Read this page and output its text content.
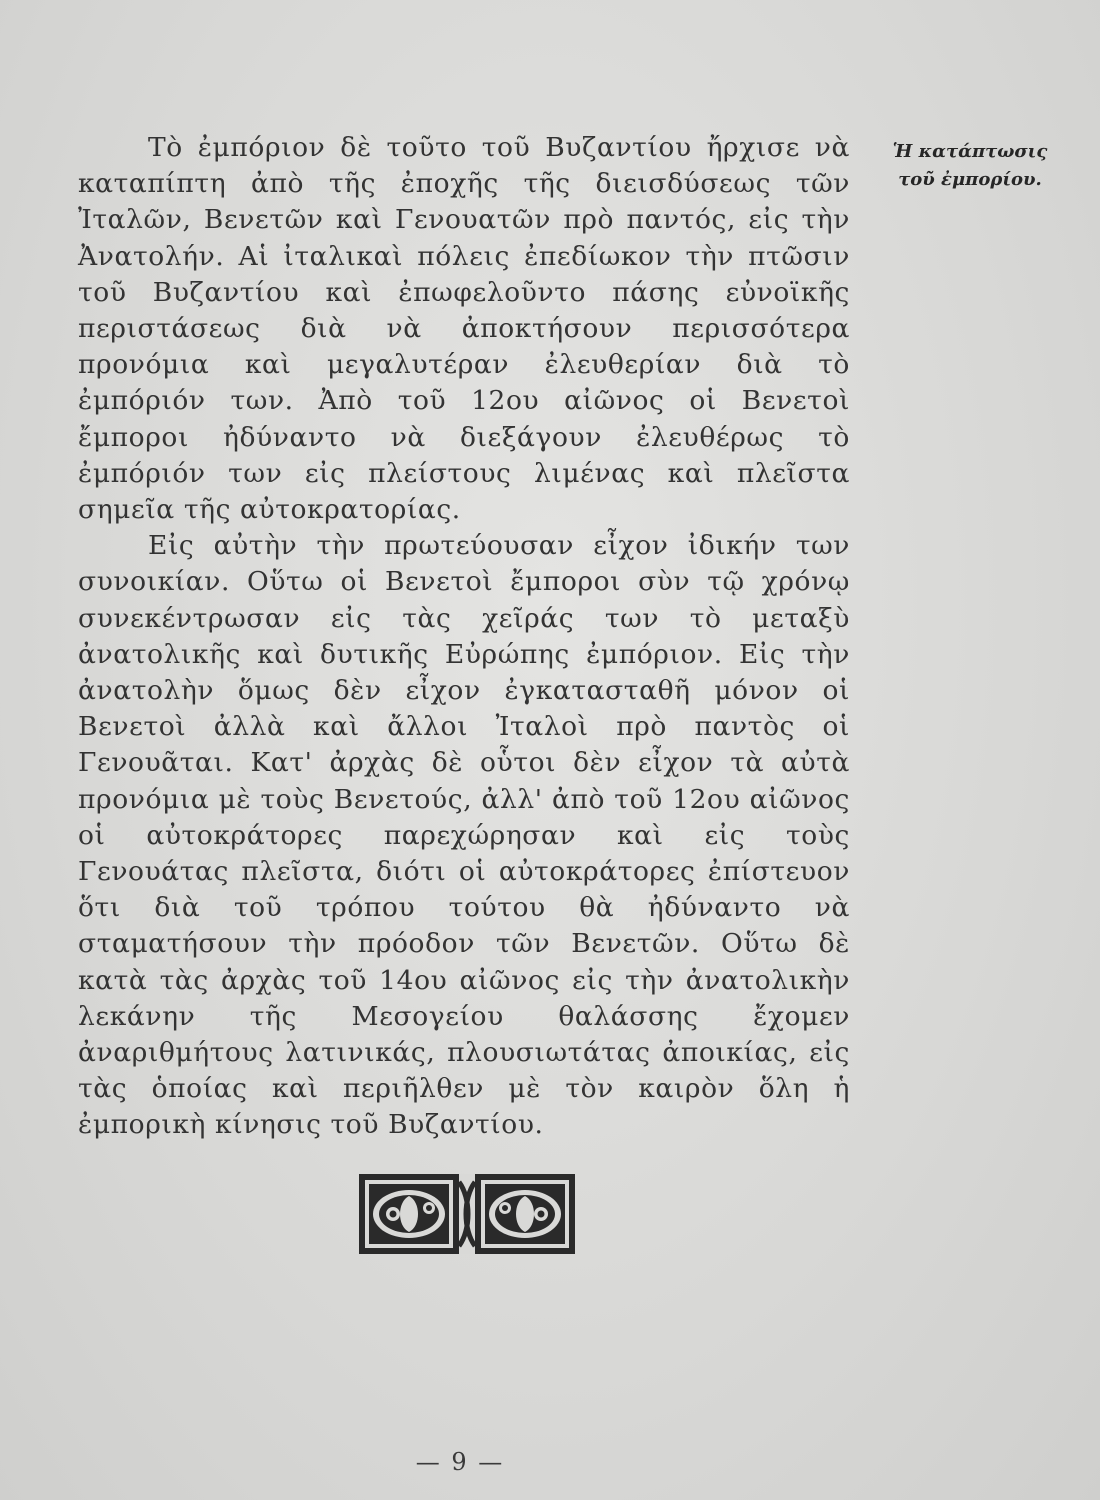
Τὸ ἐμπόριον δὲ τοῦτο τοῦ Βυζαντίου ἤρχισε νὰ καταπίπτη ἀπὸ τῆς ἐποχῆς τῆς διεισδύσεως τῶν Ἰταλῶν, Βενετῶν καὶ Γενουατῶν πρὸ παντός, εἰς τὴν Ἀνατολήν. Αἱ ἰταλικαὶ πόλεις ἐπεδίωκον τὴν πτῶσιν τοῦ Βυζαντίου καὶ ἐπωφελοῦντο πάσης εὐνοϊκῆς περιστάσεως διὰ νὰ ἀποκτήσουν περισσότερα προνόμια καὶ μεγαλυτέραν ἐλευθερίαν διὰ τὸ ἐμπόριόν των. Ἀπὸ τοῦ 12ου αἰῶνος οἱ Βενετοὶ ἔμποροι ἠδύναντο νὰ διεξάγουν ἐλευθέρως τὸ ἐμπόριόν των εἰς πλείστους λιμένας καὶ πλεῖστα σημεῖα τῆς αὐτοκρατορίας.

Εἰς αὐτὴν τὴν πρωτεύουσαν εἶχον ἰδικήν των συνοικίαν. Οὕτω οἱ Βενετοὶ ἔμποροι σὺν τῷ χρόνῳ συνεκέντρωσαν εἰς τὰς χεῖράς των τὸ μεταξὺ ἀνατολικῆς καὶ δυτικῆς Εὐρώπης ἐμπόριον. Εἰς τὴν ἀνατολὴν ὅμως δὲν εἶχον ἐγκατασταθῆ μόνον οἱ Βενετοὶ ἀλλὰ καὶ ἄλλοι Ἰταλοὶ πρὸ παντὸς οἱ Γενουᾶται. Κατ' ἀρχὰς δὲ οὗτοι δὲν εἶχον τὰ αὐτὰ προνόμια μὲ τοὺς Βενετούς, ἀλλ' ἀπὸ τοῦ 12ου αἰῶνος οἱ αὐτοκράτορες παρεχώρησαν καὶ εἰς τοὺς Γενουάτας πλεῖστα, διότι οἱ αὐτοκράτορες ἐπίστευον ὅτι διὰ τοῦ τρόπου τούτου θὰ ἠδύναντο νὰ σταματήσουν τὴν πρόοδον τῶν Βενετῶν. Οὕτω δὲ κατὰ τὰς ἀρχὰς τοῦ 14ου αἰῶνος εἰς τὴν ἀνατολικὴν λεκάνην τῆς Μεσογείου θαλάσσης ἔχομεν ἀναριθμήτους λατινικάς, πλουσιωτάτας ἀποικίας, εἰς τὰς ὁποίας καὶ περιῆλθεν μὲ τὸν καιρὸν ὅλη ἡ ἐμπορικὴ κίνησις τοῦ Βυζαντίου.

Ἡ κατάπτωσις
τοῦ ἐμπορίου.
— 9 —
